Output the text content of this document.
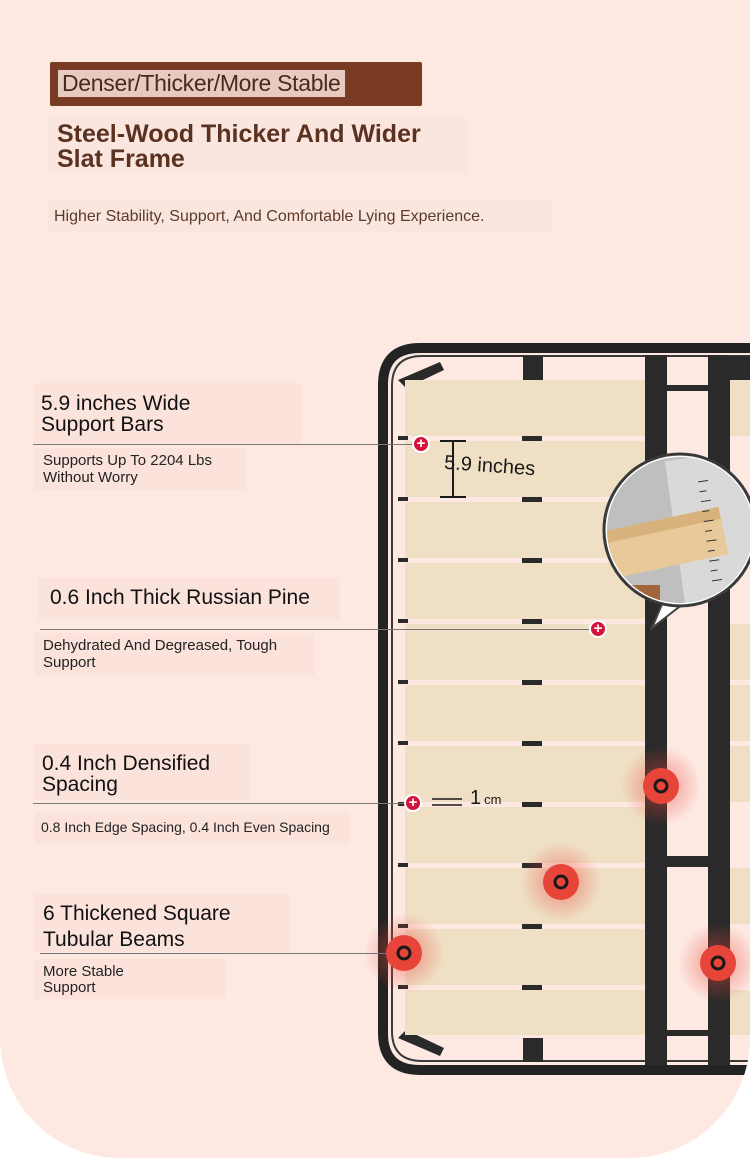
Denser/Thicker/More Stable
Steel-Wood Thicker And Wider
Slat Frame
Higher Stability, Support, And Comfortable Lying Experience.
5.9 inches
1 cm
5.9 inches Wide
Support Bars
+
Supports Up To 2204 Lbs
Without Worry
0.6 Inch Thick Russian Pine
+
Dehydrated And Degreased, Tough
Support
0.4 Inch Densified
Spacing
+
0.8 Inch Edge Spacing, 0.4 Inch Even Spacing
6 Thickened Square
Tubular Beams
More Stable
Support
